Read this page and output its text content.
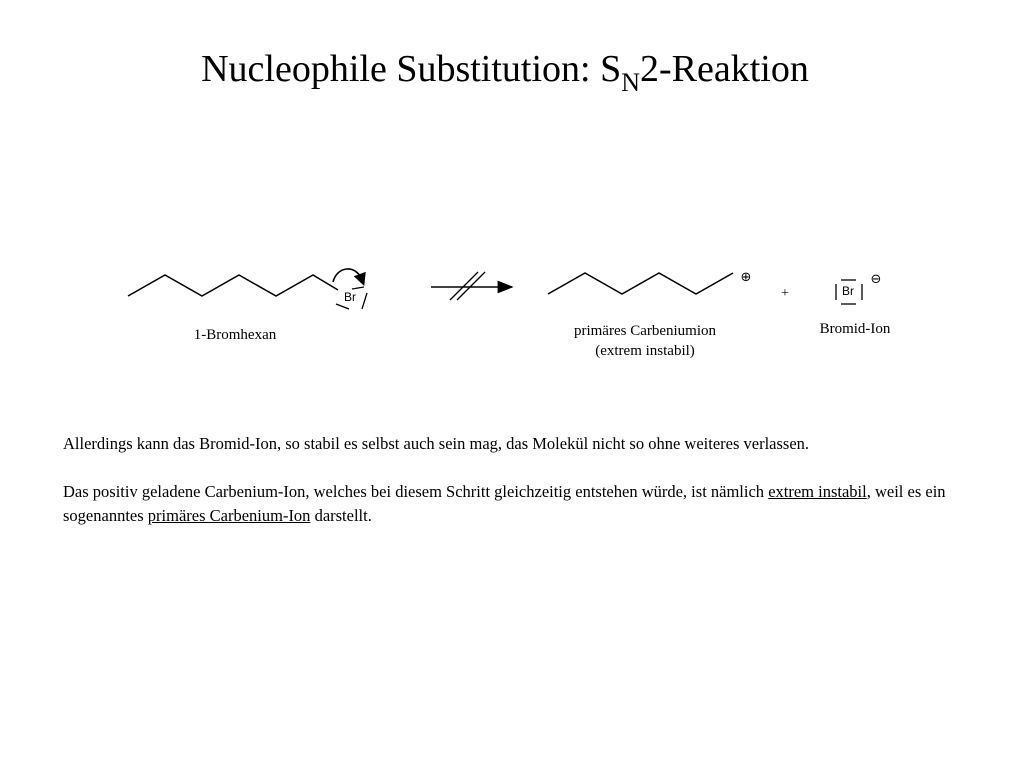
Nucleophile Substitution: $S_N2$-Reaktion
Br
⊕
+	Br
⊖
1-Bromhexan	primäres Carbeniumion
(extrem instabil)
Bromid-Ion
Allerdings kann das Bromid-Ion, so stabil es selbst auch sein mag, das Molekül nicht so ohne weiteres verlassen.
Das positiv geladene Carbenium-Ion, welches bei diesem Schritt gleichzeitig entstehen würde, ist nämlich extrem instabil, weil es ein sogenanntes primäres Carbenium-Ion darstellt.
